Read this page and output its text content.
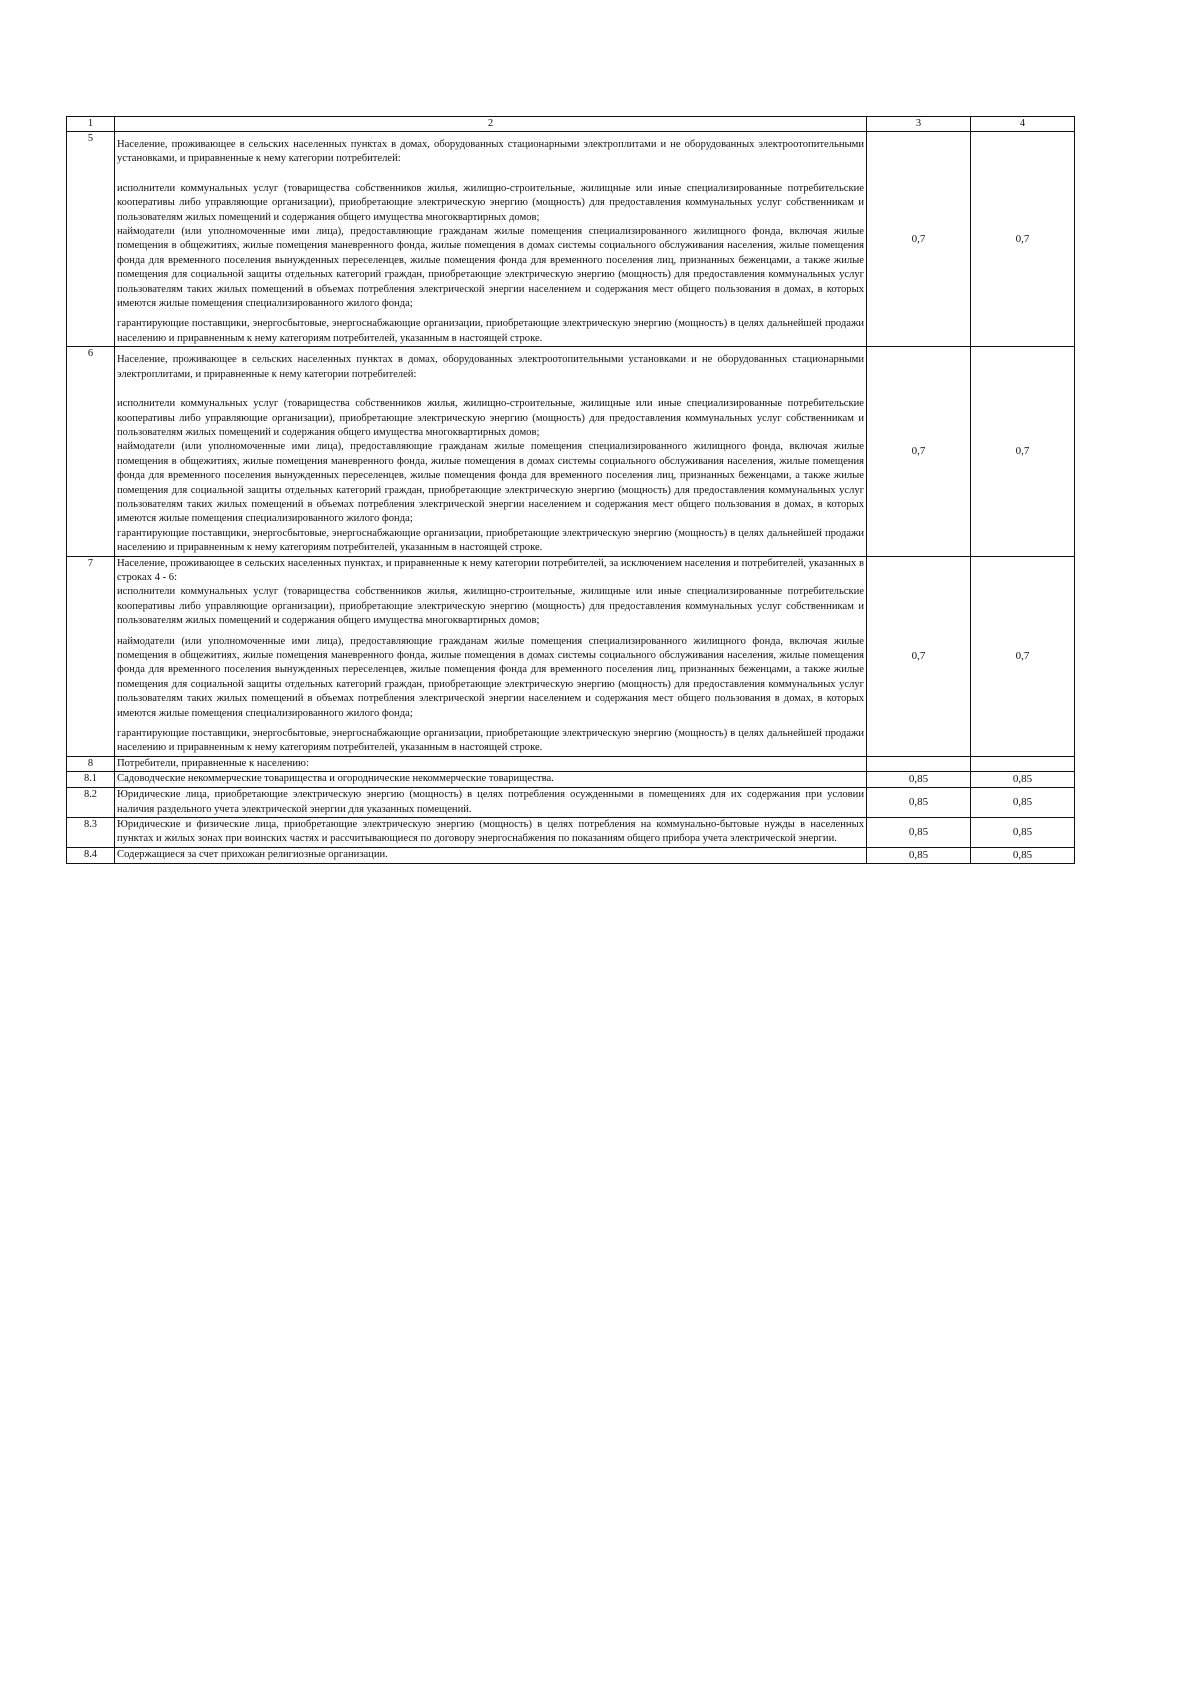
1	2	3	4
5	Население, проживающее в сельских населенных пунктах в домах, оборудованных стационарными электроплитами и не оборудованных электроотопительными установками, и приравненные к нему категории потребителей:

исполнители коммунальных услуг (товарищества собственников жилья, жилищно-строительные, жилищные или иные специализированные потребительские кооперативы либо управляющие организации), приобретающие электрическую энергию (мощность) для предоставления коммунальных услуг собственникам и пользователям жилых помещений и содержания общего имущества многоквартирных домов;

наймодатели (или уполномоченные ими лица), предоставляющие гражданам жилые помещения специализированного жилищного фонда, включая жилые помещения в общежитиях, жилые помещения маневренного фонда, жилые помещения в домах системы социального обслуживания населения, жилые помещения фонда для временного поселения вынужденных переселенцев, жилые помещения фонда для временного поселения лиц, признанных беженцами, а также жилые помещения для социальной защиты отдельных категорий граждан, приобретающие электрическую энергию (мощность) для предоставления коммунальных услуг пользователям таких жилых помещений в объемах потребления электрической энергии населением и содержания мест общего пользования в домах, в которых имеются жилые помещения специализированного жилого фонда;

гарантирующие поставщики, энергосбытовые, энергоснабжающие организации, приобретающие электрическую энергию (мощность) в целях дальнейшей продажи населению и приравненным к нему категориям потребителей, указанным в настоящей строке.	0,7	0,7
6	Население, проживающее в сельских населенных пунктах в домах, оборудованных электроотопительными установками и не оборудованных стационарными электроплитами, и приравненные к нему категории потребителей:

исполнители коммунальных услуг (товарищества собственников жилья, жилищно-строительные, жилищные или иные специализированные потребительские кооперативы либо управляющие организации), приобретающие электрическую энергию (мощность) для предоставления коммунальных услуг собственникам и пользователям жилых помещений и содержания общего имущества многоквартирных домов;

наймодатели (или уполномоченные ими лица), предоставляющие гражданам жилые помещения специализированного жилищного фонда, включая жилые помещения в общежитиях, жилые помещения маневренного фонда, жилые помещения в домах системы социального обслуживания населения, жилые помещения фонда для временного поселения вынужденных переселенцев, жилые помещения фонда для временного поселения лиц, признанных беженцами, а также жилые помещения для социальной защиты отдельных категорий граждан, приобретающие электрическую энергию (мощность) для предоставления коммунальных услуг пользователям таких жилых помещений в объемах потребления электрической энергии населением и содержания мест общего пользования в домах, в которых имеются жилые помещения специализированного жилого фонда;

гарантирующие поставщики, энергосбытовые, энергоснабжающие организации, приобретающие электрическую энергию (мощность) в целях дальнейшей продажи населению и приравненным к нему категориям потребителей, указанным в настоящей строке.	0,7	0,7
7	Население, проживающее в сельских населенных пунктах, и приравненные к нему категории потребителей, за исключением населения и потребителей, указанных в строках 4 - 6:

исполнители коммунальных услуг (товарищества собственников жилья, жилищно-строительные, жилищные или иные специализированные потребительские кооперативы либо управляющие организации), приобретающие электрическую энергию (мощность) для предоставления коммунальных услуг собственникам и пользователям жилых помещений и содержания общего имущества многоквартирных домов;

наймодатели (или уполномоченные ими лица), предоставляющие гражданам жилые помещения специализированного жилищного фонда, включая жилые помещения в общежитиях, жилые помещения маневренного фонда, жилые помещения в домах системы социального обслуживания населения, жилые помещения фонда для временного поселения вынужденных переселенцев, жилые помещения фонда для временного поселения лиц, признанных беженцами, а также жилые помещения для социальной защиты отдельных категорий граждан, приобретающие электрическую энергию (мощность) для предоставления коммунальных услуг пользователям таких жилых помещений в объемах потребления электрической энергии населением и содержания мест общего пользования в домах, в которых имеются жилые помещения специализированного жилого фонда;

гарантирующие поставщики, энергосбытовые, энергоснабжающие организации, приобретающие электрическую энергию (мощность) в целях дальнейшей продажи населению и приравненным к нему категориям потребителей, указанным в настоящей строке.	0,7	0,7
8	Потребители, приравненные к населению:		
8.1	Садоводческие некоммерческие товарищества и огороднические некоммерческие товарищества.	0,85	0,85
8.2	Юридические лица, приобретающие электрическую энергию (мощность) в целях потребления осужденными в помещениях для их содержания при условии наличия раздельного учета электрической энергии для указанных помещений.	0,85	0,85
8.3	Юридические и физические лица, приобретающие электрическую энергию (мощность) в целях потребления на коммунально-бытовые нужды в населенных пунктах и жилых зонах при воинских частях и рассчитывающиеся по договору энергоснабжения по показаниям общего прибора учета электрической энергии.	0,85	0,85
8.4	Содержащиеся за счет прихожан религиозные организации.	0,85	0,85
